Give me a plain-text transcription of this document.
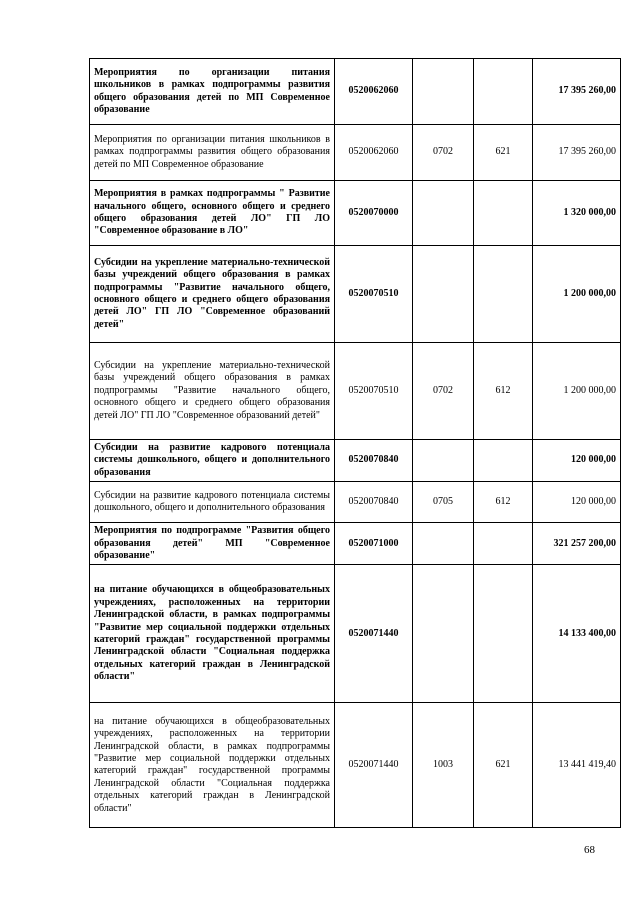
Мероприятия по организации питания школьников в рамках подпрограммы развития общего образования детей по МП Современное образование	0520062060			17 395 260,00
Мероприятия по организации питания школьников в рамках подпрограммы развития общего образования детей по МП Современное образование	0520062060	0702	621	17 395 260,00
Мероприятия в рамках подпрограммы " Развитие начального общего, основного общего и среднего общего образования детей ЛО" ГП ЛО "Современное образование в ЛО"	0520070000			1 320 000,00
Субсидии на укрепление материально-технической базы учреждений общего образования в рамках подпрограммы "Развитие начального общего, основного общего и среднего общего образования детей ЛО" ГП ЛО "Современное образований детей"	0520070510			1 200 000,00
Субсидии на укрепление материально-технической базы учреждений общего образования в рамках подпрограммы "Развитие начального общего, основного общего и среднего общего образования детей ЛО" ГП ЛО "Современное образований детей"	0520070510	0702	612	1 200 000,00
Субсидии на развитие кадрового потенциала системы дошкольного, общего и дополнительного образования	0520070840			120 000,00
Субсидии на развитие кадрового потенциала системы дошкольного, общего и дополнительного образования	0520070840	0705	612	120 000,00
Мероприятия по подпрограмме "Развития общего образования детей" МП "Современное образование"	0520071000			321 257 200,00
на питание обучающихся в общеобразовательных учреждениях, расположенных на территории Ленинградской области, в рамках подпрограммы "Развитие мер социальной поддержки отдельных категорий граждан" государственной программы Ленинградской области "Социальная поддержка отдельных категорий граждан в Ленинградской области"	0520071440			14 133 400,00
на питание обучающихся в общеобразовательных учреждениях, расположенных на территории Ленинградской области, в рамках подпрограммы "Развитие мер социальной поддержки отдельных категорий граждан" государственной программы Ленинградской области "Социальная поддержка отдельных категорий граждан в Ленинградской области"	0520071440	1003	621	13 441 419,40
68
